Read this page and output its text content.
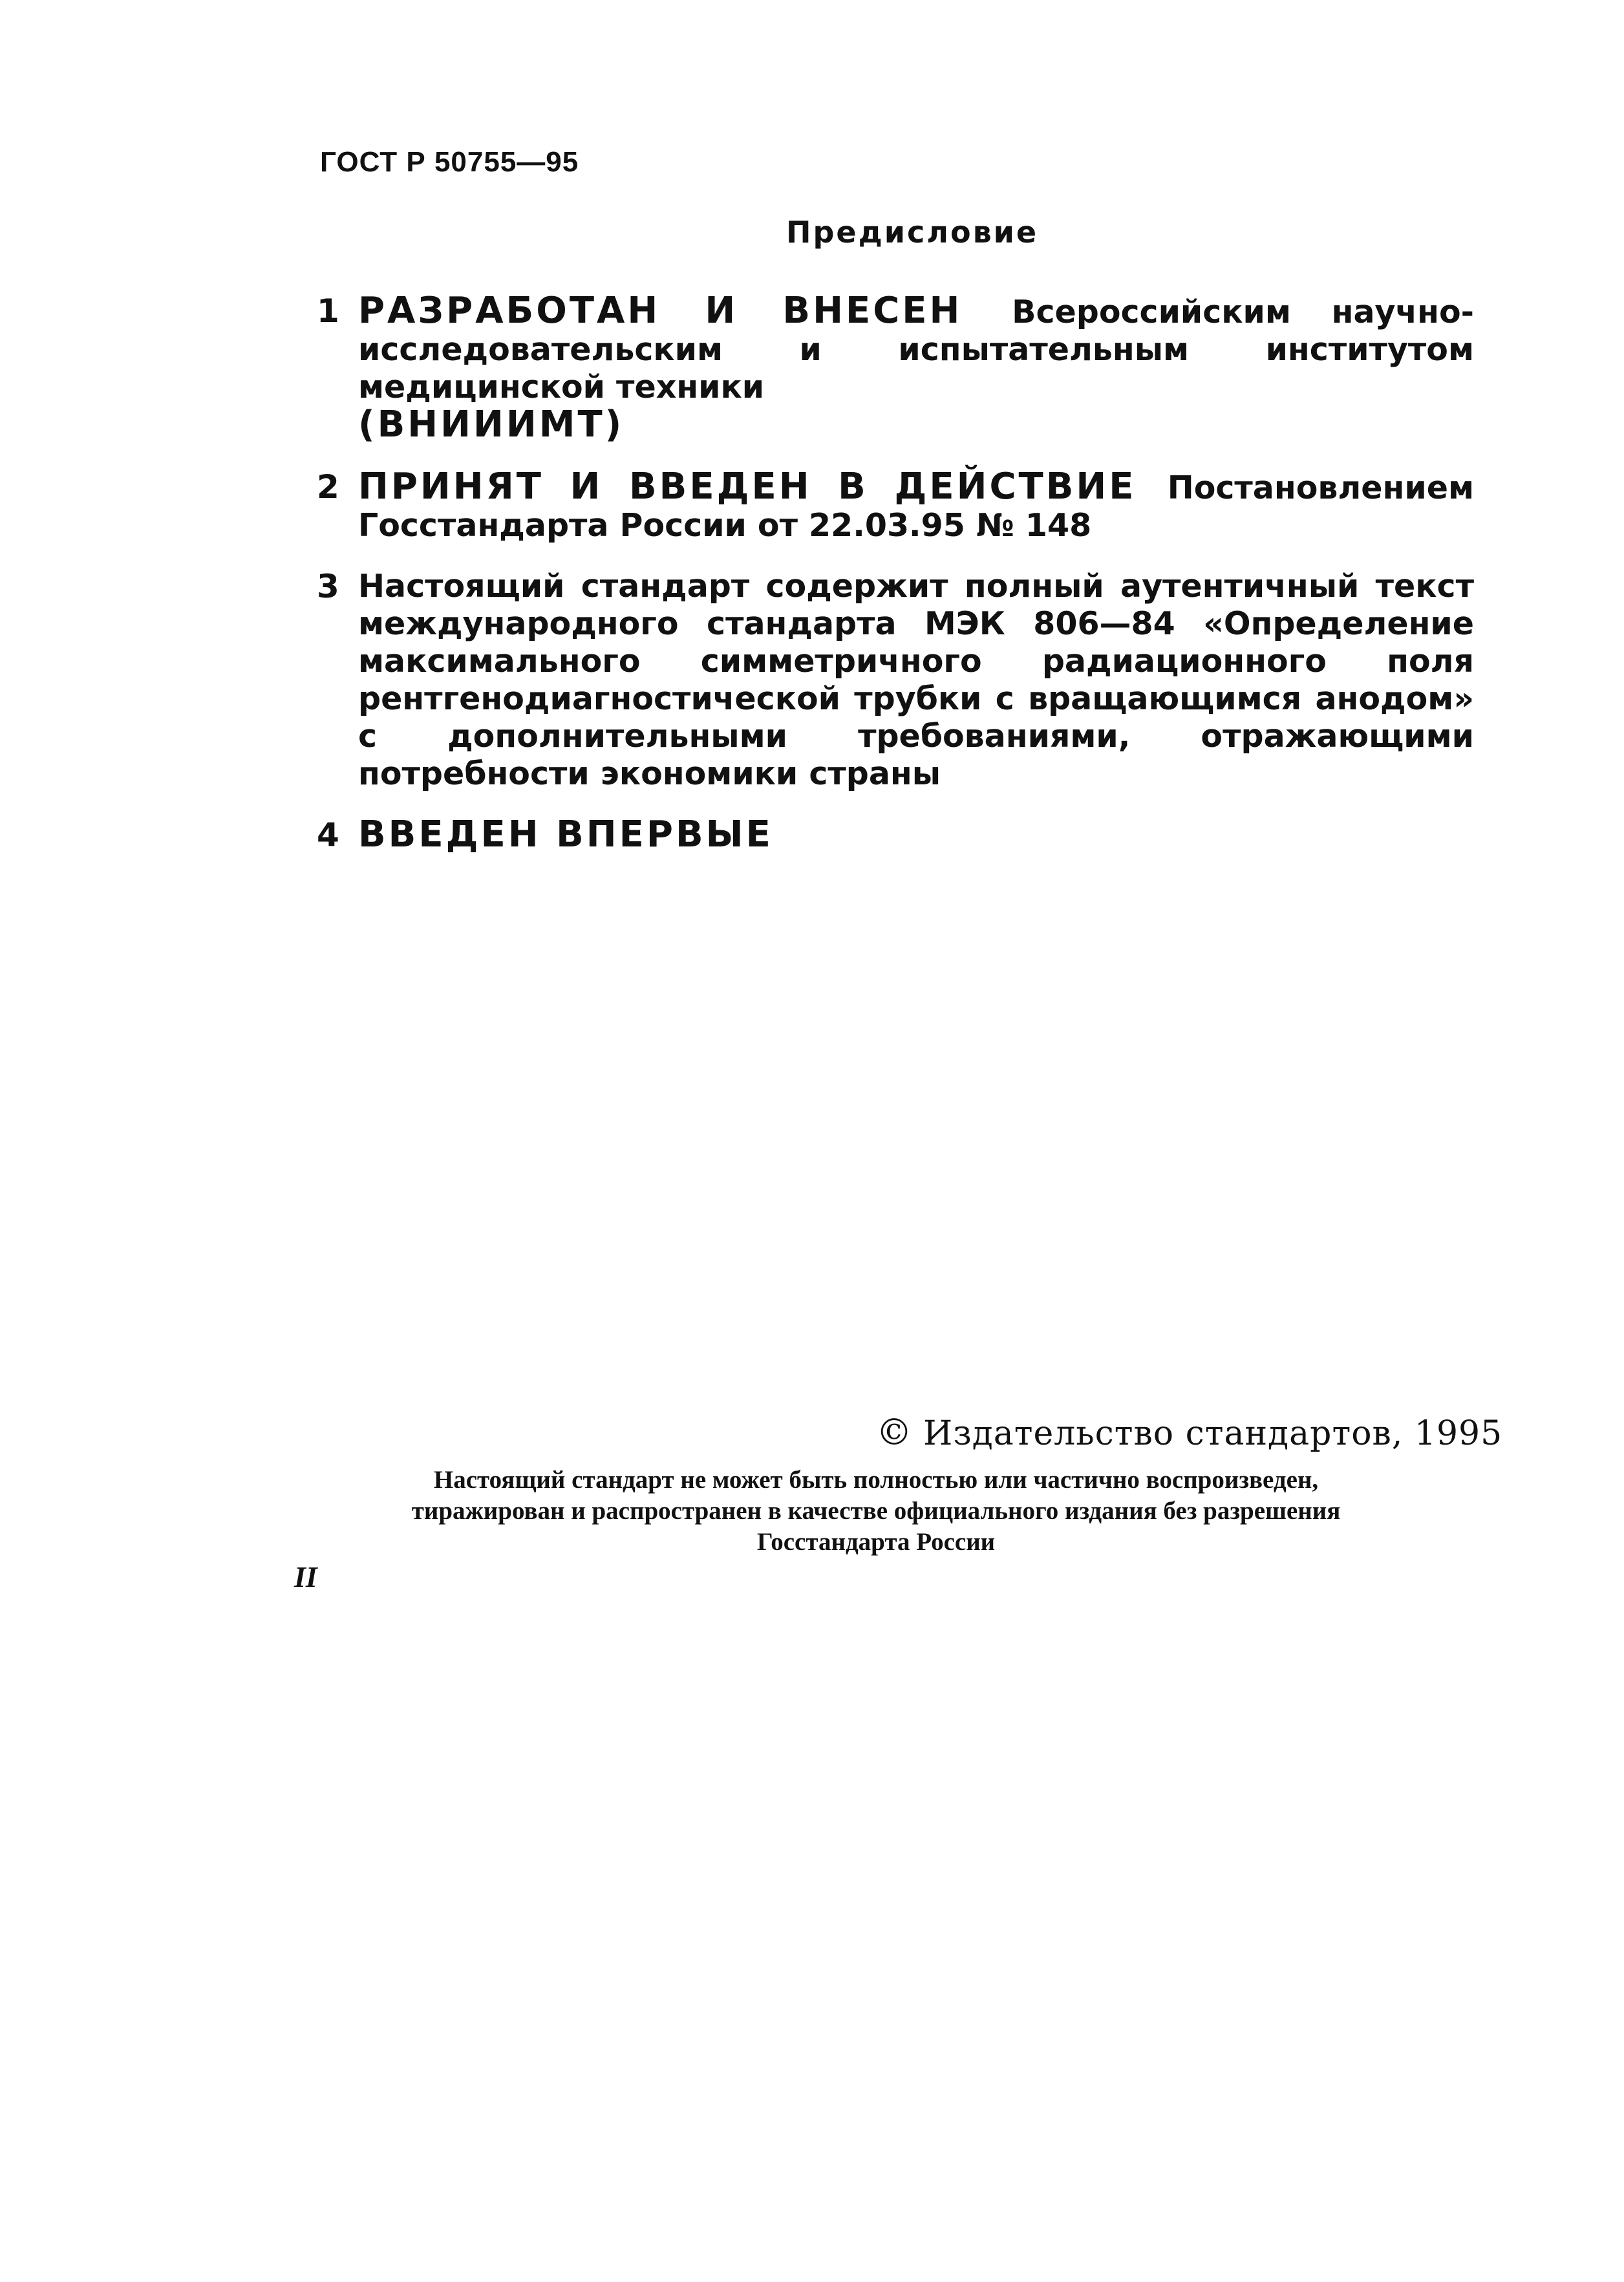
ГОСТ Р 50755—95

Предисловие

1 РАЗРАБОТАН И ВНЕСЕН Всероссийским научно-исследовательским и испытательным институтом медицинской техники
(ВНИИИМТ)
2 ПРИНЯТ И ВВЕДЕН В ДЕЙСТВИЕ Постановлением Госстандарта России от 22.03.95 № 148
3 Настоящий стандарт содержит полный аутентичный текст международного стандарта МЭК 806—84 «Определение максимального симметричного радиационного поля рентгенодиагностической трубки с вращающимся анодом» с дополнительными требованиями, отражающими потребности экономики страны
4 ВВЕДЕН ВПЕРВЫЕ

© Издательство стандартов, 1995

Настоящий стандарт не может быть полностью или частично воспроизведен,
тиражирован и распространен в качестве официального издания без разрешения
Госстандарта России

II
